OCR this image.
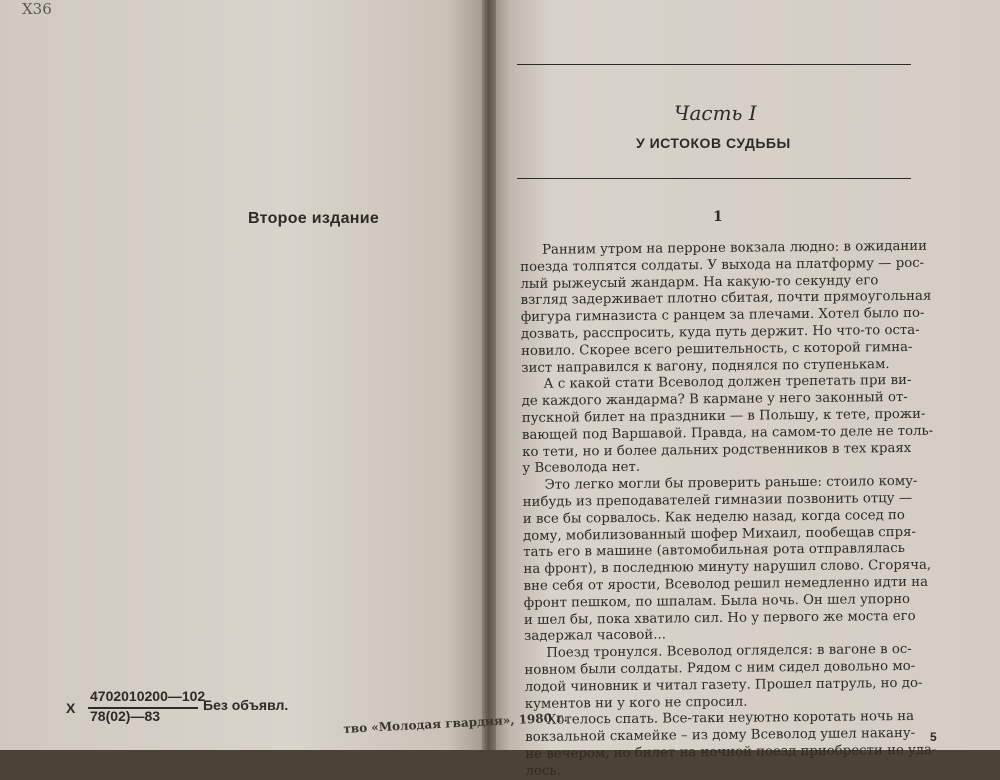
Х36
Второе издание
Х
4702010200—102
78(02)—83
Без объявл.
тво «Молодая гвардия», 1980 г.
Часть I
У ИСТОКОВ СУДЬБЫ
1
Ранним утром на перроне вокзала людно: в ожидании
поезда толпятся солдаты. У выхода на платформу — рос-
лый рыжеусый жандарм. На какую-то секунду его
взгляд задерживает плотно сбитая, почти прямоугольная
фигура гимназиста с ранцем за плечами. Хотел было по-
дозвать, расспросить, куда путь держит. Но что-то оста-
новило. Скорее всего решительность, с которой гимна-
зист направился к вагону, поднялся по ступенькам.
А с какой стати Всеволод должен трепетать при ви-
де каждого жандарма? В кармане у него законный от-
пускной билет на праздники — в Польшу, к тете, прожи-
вающей под Варшавой. Правда, на самом-то деле не толь-
ко тети, но и более дальних родственников в тех краях
у Всеволода нет.
Это легко могли бы проверить раньше: стоило кому-
нибудь из преподавателей гимназии позвонить отцу —
и все бы сорвалось. Как неделю назад, когда сосед по
дому, мобилизованный шофер Михаил, пообещав спря-
тать его в машине (автомобильная рота отправлялась
на фронт), в последнюю минуту нарушил слово. Сгоряча,
вне себя от ярости, Всеволод решил немедленно идти на
фронт пешком, по шпалам. Была ночь. Он шел упорно
и шел бы, пока хватило сил. Но у первого же моста его
задержал часовой...
Поезд тронулся. Всеволод огляделся: в вагоне в ос-
новном были солдаты. Рядом с ним сидел довольно мо-
лодой чиновник и читал газету. Прошел патруль, но до-
кументов ни у кого не спросил.
Хотелось спать. Все-таки неуютно коротать ночь на
вокзальной скамейке – из дому Всеволод ушел накану-
не вечером, но билет на ночной поезд приобрести не уда-
лось.
5
